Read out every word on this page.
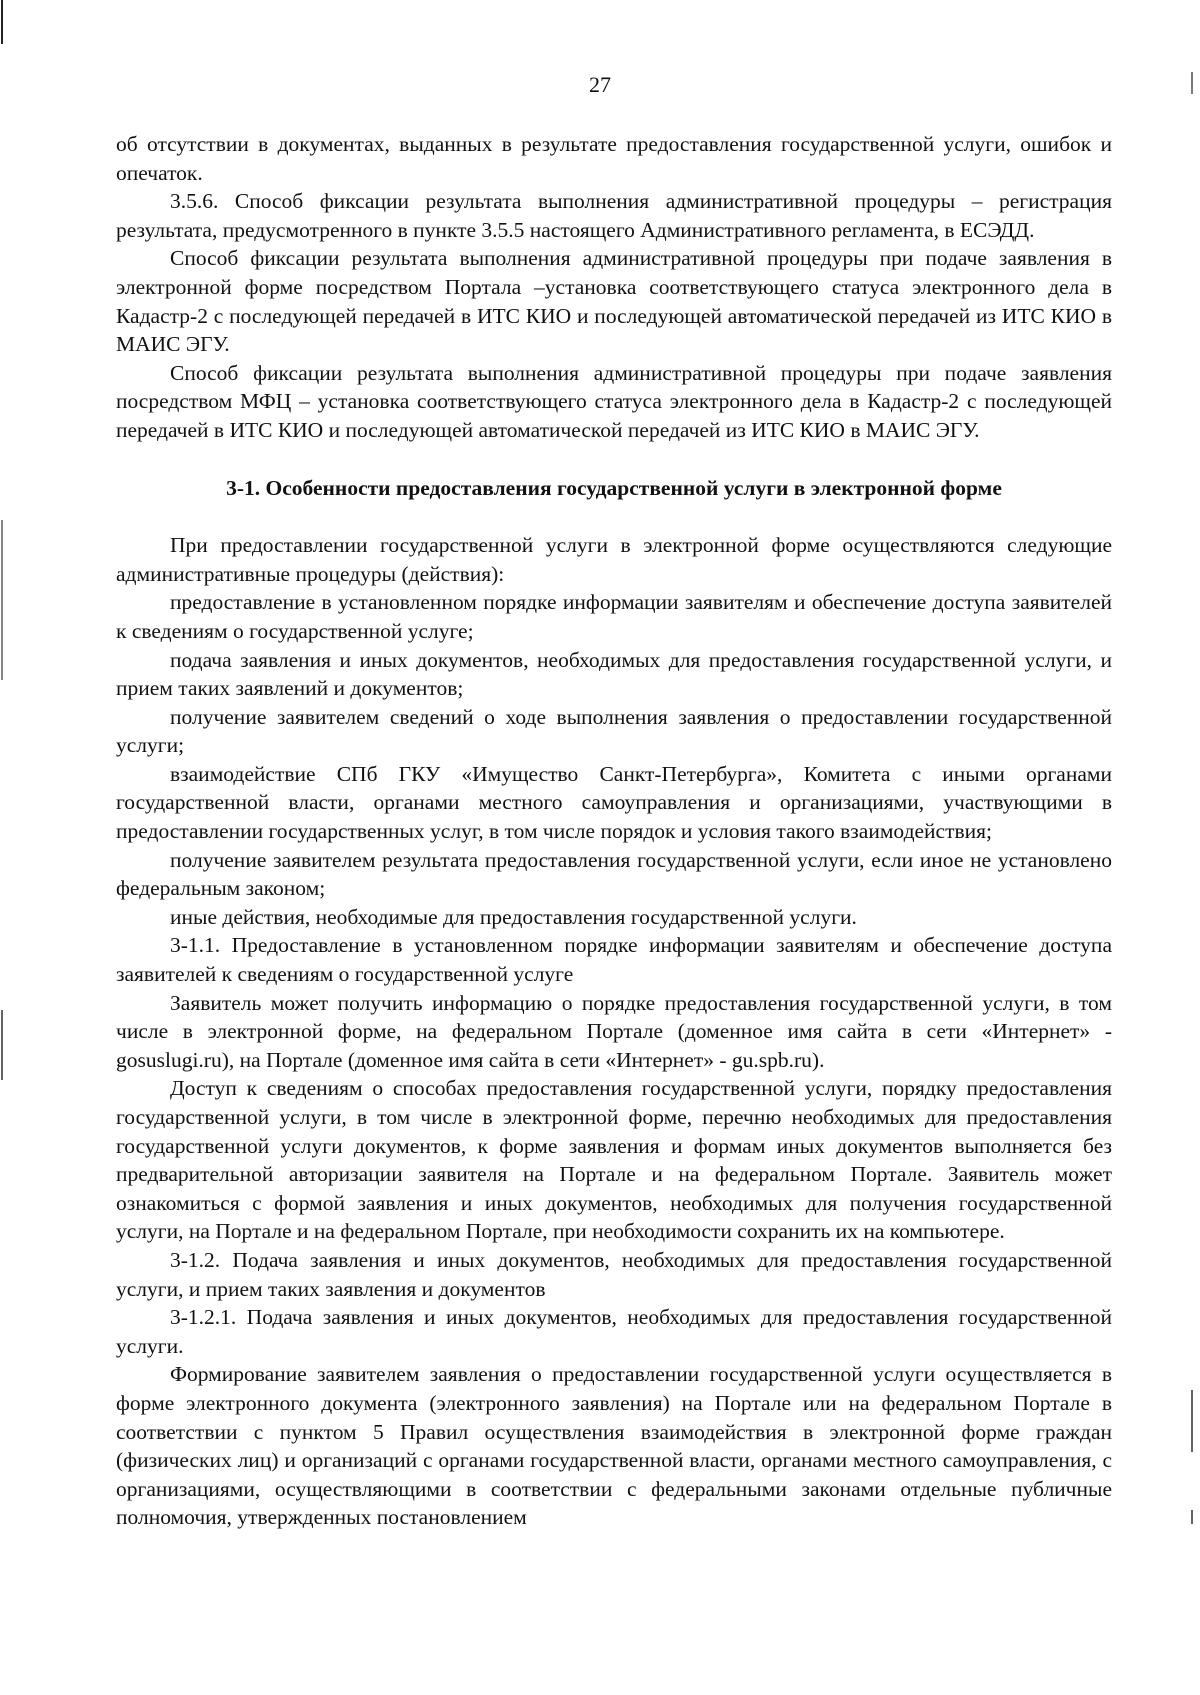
27

об отсутствии в документах, выданных в результате предоставления государственной услуги, ошибок и опечаток.

3.5.6. Способ фиксации результата выполнения административной процедуры – регистрация результата, предусмотренного в пункте 3.5.5 настоящего Административного регламента, в ЕСЭДД.

Способ фиксации результата выполнения административной процедуры при подаче заявления в электронной форме посредством Портала –установка соответствующего статуса электронного дела в Кадастр-2 с последующей передачей в ИТС КИО и последующей автоматической передачей из ИТС КИО в МАИС ЭГУ.

Способ фиксации результата выполнения административной процедуры при подаче заявления посредством МФЦ – установка соответствующего статуса электронного дела в Кадастр-2 с последующей передачей в ИТС КИО и последующей автоматической передачей из ИТС КИО в МАИС ЭГУ.

3-1. Особенности предоставления государственной услуги в электронной форме

При предоставлении государственной услуги в электронной форме осуществляются следующие административные процедуры (действия):

предоставление в установленном порядке информации заявителям и обеспечение доступа заявителей к сведениям о государственной услуге;

подача заявления и иных документов, необходимых для предоставления государственной услуги, и прием таких заявлений и документов;

получение заявителем сведений о ходе выполнения заявления о предоставлении государственной услуги;

взаимодействие СПб ГКУ «Имущество Санкт-Петербурга», Комитета с иными органами государственной власти, органами местного самоуправления и организациями, участвующими в предоставлении государственных услуг, в том числе порядок и условия такого взаимодействия;

получение заявителем результата предоставления государственной услуги, если иное не установлено федеральным законом;

иные действия, необходимые для предоставления государственной услуги.

3-1.1. Предоставление в установленном порядке информации заявителям и обеспечение доступа заявителей к сведениям о государственной услуге

Заявитель может получить информацию о порядке предоставления государственной услуги, в том числе в электронной форме, на федеральном Портале (доменное имя сайта в сети «Интернет» - gosuslugi.ru), на Портале (доменное имя сайта в сети «Интернет» - gu.spb.ru).

Доступ к сведениям о способах предоставления государственной услуги, порядку предоставления государственной услуги, в том числе в электронной форме, перечню необходимых для предоставления государственной услуги документов, к форме заявления и формам иных документов выполняется без предварительной авторизации заявителя на Портале и на федеральном Портале. Заявитель может ознакомиться с формой заявления и иных документов, необходимых для получения государственной услуги, на Портале и на федеральном Портале, при необходимости сохранить их на компьютере.

3-1.2. Подача заявления и иных документов, необходимых для предоставления государственной услуги, и прием таких заявления и документов

3-1.2.1. Подача заявления и иных документов, необходимых для предоставления государственной услуги.

Формирование заявителем заявления о предоставлении государственной услуги осуществляется в форме электронного документа (электронного заявления) на Портале или на федеральном Портале в соответствии с пунктом 5 Правил осуществления взаимодействия в электронной форме граждан (физических лиц) и организаций с органами государственной власти, органами местного самоуправления, с организациями, осуществляющими в соответствии с федеральными законами отдельные публичные полномочия, утвержденных постановлением
